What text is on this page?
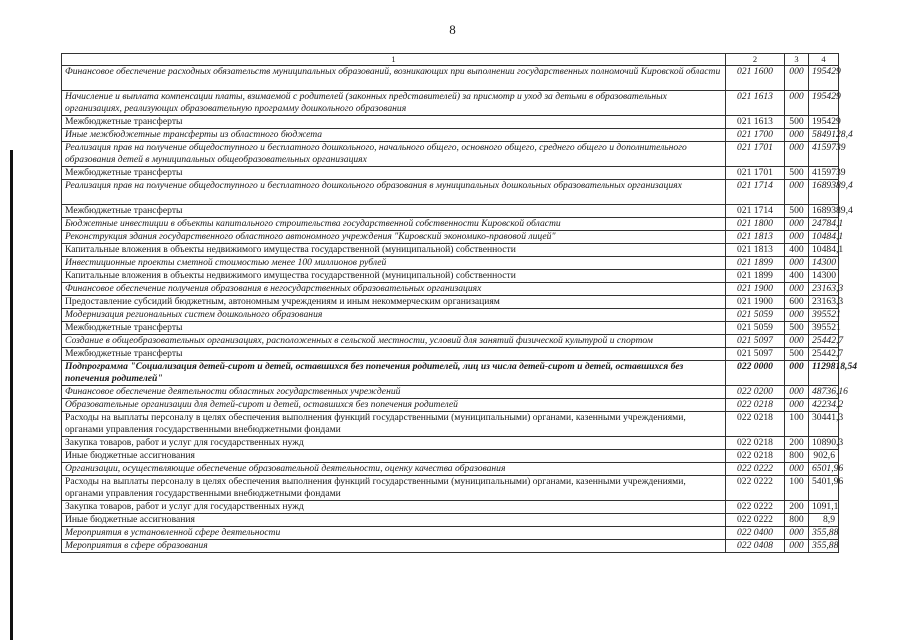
8
1	2	3	4
Финансовое обеспечение расходных обязательств муниципальных образований, возникающих при выполнении государственных полномочий Кировской области	021 1600	000	195429
Начисление и выплата компенсации платы, взимаемой с родителей (законных представителей) за присмотр и уход за детьми в образовательных организациях, реализующих образовательную программу дошкольного образования	021 1613	000	195429
Межбюджетные трансферты	021 1613	500	195429
Иные межбюджетные трансферты из областного бюджета	021 1700	000	5849128,4
Реализация прав на получение общедоступного и бесплатного дошкольного, начального общего, основного общего, среднего общего и дополнительного образования детей в муниципальных общеобразовательных организациях	021 1701	000	4159739
Межбюджетные трансферты	021 1701	500	4159739
Реализация прав на получение общедоступного и бесплатного дошкольного образования в муниципальных дошкольных образовательных организациях	021 1714	000	1689389,4
Межбюджетные трансферты	021 1714	500	1689389,4
Бюджетные инвестиции в объекты капитального строительства государственной собственности Кировской области	021 1800	000	24784,1
Реконструкция здания государственного областного автономного учреждения "Кировский экономико-правовой лицей"	021 1813	000	10484,1
Капитальные вложения в объекты недвижимого имущества государственной (муниципальной) собственности	021 1813	400	10484,1
Инвестиционные проекты сметной стоимостью менее 100 миллионов рублей	021 1899	000	14300
Капитальные вложения в объекты недвижимого имущества государственной (муниципальной) собственности	021 1899	400	14300
Финансовое обеспечение получения образования в негосударственных образовательных организациях	021 1900	000	23163,3
Предоставление субсидий бюджетным, автономным учреждениям и иным некоммерческим организациям	021 1900	600	23163,3
Модернизация региональных систем дошкольного образования	021 5059	000	395521
Межбюджетные трансферты	021 5059	500	395521
Создание в общеобразовательных организациях, расположенных в сельской местности, условий для занятий физической культурой и спортом	021 5097	000	25442,7
Межбюджетные трансферты	021 5097	500	25442,7
Подпрограмма "Социализация детей-сирот и детей, оставшихся без попечения родителей, лиц из числа детей-сирот и детей, оставшихся без попечения родителей"	022 0000	000	1129818,54
Финансовое обеспечение деятельности областных государственных учреждений	022 0200	000	48736,16
Образовательные организации для детей-сирот и детей, оставшихся без попечения родителей	022 0218	000	42234,2
Расходы на выплаты персоналу в целях обеспечения выполнения функций государственными (муниципальными) органами, казенными учреждениями, органами управления государственными внебюджетными фондами	022 0218	100	30441,3
Закупка товаров, работ и услуг для государственных нужд	022 0218	200	10890,3
Иные бюджетные ассигнования	022 0218	800	902,6
Организации, осуществляющие обеспечение образовательной деятельности, оценку качества образования	022 0222	000	6501,96
Расходы на выплаты персоналу в целях обеспечения выполнения функций государственными (муниципальными) органами, казенными учреждениями, органами управления государственными внебюджетными фондами	022 0222	100	5401,96
Закупка товаров, работ и услуг для государственных нужд	022 0222	200	1091,1
Иные бюджетные ассигнования	022 0222	800	8,9
Мероприятия в установленной сфере деятельности	022 0400	000	355,88
Мероприятия в сфере образования	022 0408	000	355,88
